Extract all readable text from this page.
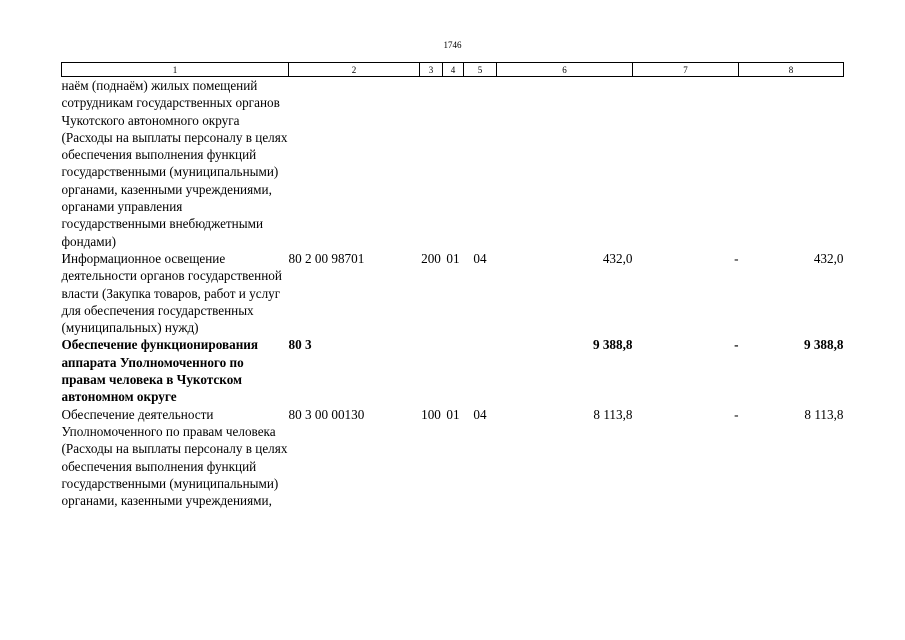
1746
1	2	3	4	5	6	7	8
наём (поднаём) жилых помещений сотрудникам государственных органов Чукотского автономного округа (Расходы на выплаты персоналу в целях обеспечения выполнения функций государственными (муниципальными) органами, казенными учреждениями, органами управления государственными внебюджетными фондами)							
Информационное освещение деятельности органов государственной власти (Закупка товаров, работ и услуг для обеспечения государственных (муниципальных) нужд)	80 2 00 98701	200	01	04	432,0	-	432,0
Обеспечение функционирования аппарата Уполномоченного по правам человека в Чукотском автономном округе	80 3				9 388,8	-	9 388,8
Обеспечение деятельности Уполномоченного по правам человека (Расходы на выплаты персоналу в целях обеспечения выполнения функций государственными (муниципальными) органами, казенными учреждениями,	80 3 00 00130	100	01	04	8 113,8	-	8 113,8
